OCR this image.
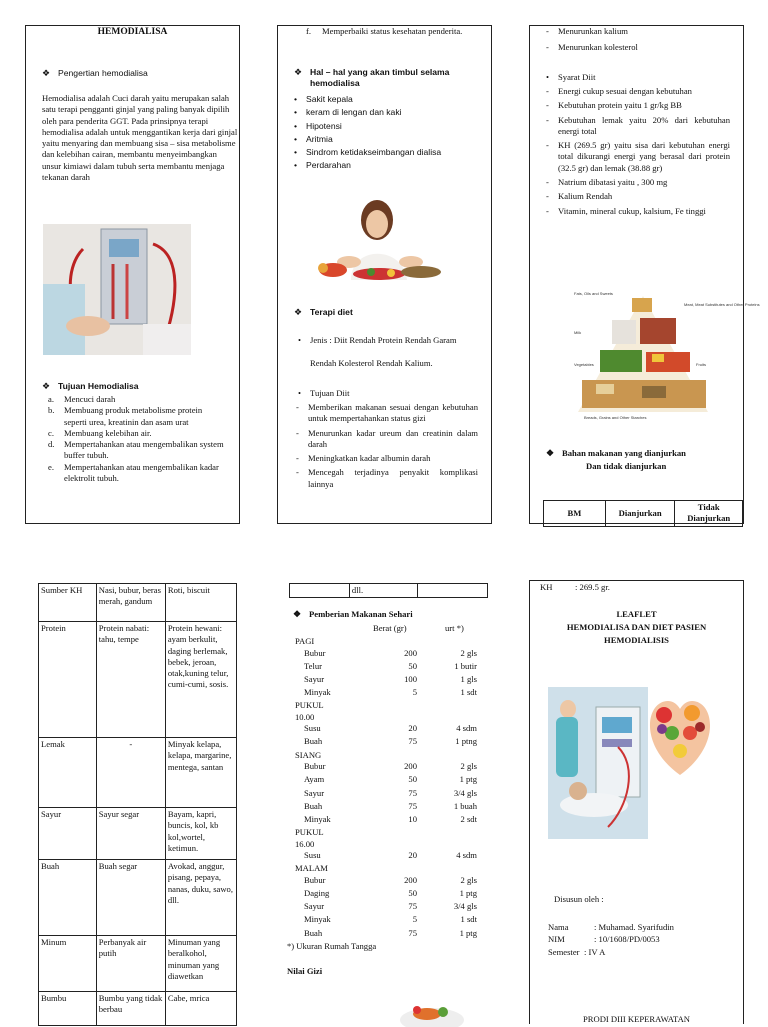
HEMODIALISA
❖ Pengertian hemodialisa
Hemodialisa adalah Cuci darah yaitu merupakan salah satu terapi pengganti ginjal yang paling banyak dipilih oleh para penderita GGT. Pada prinsipnya terapi hemodialisa adalah untuk menggantikan kerja dari ginjal yaitu menyaring dan membuang sisa – sisa metabolisme dan kelebihan cairan, membantu menyeimbangkan unsur kimiawi dalam tubuh serta membantu menjaga tekanan darah
❖ Tujuan Hemodialisa
a. Mencuci darah
b. Membuang produk metabolisme protein seperti urea, kreatinin dan asam urat
c. Membuang kelebihan air.
d. Mempertahankan atau mengembalikan system buffer tubuh.
e. Mempertahankan atau mengembalikan kadar elektrolit tubuh.
f. Memperbaiki status kesehatan penderita.
❖ Hal – hal yang akan timbul selama hemodialisa
• Sakit kepala
• keram di lengan dan kaki
• Hipotensi
• Aritmia
• Sindrom ketidakseimbangan dialisa
• Perdarahan
❖ Terapi diet
• Jenis : Diit Rendah Protein Rendah Garam
Rendah Kolesterol Rendah Kalium.
• Tujuan Diit
- Memberikan makanan sesuai dengan kebutuhan untuk mempertahankan status gizi
- Menurunkan kadar ureum dan creatinin dalam darah
- Meningkatkan kadar albumin darah
- Mencegah terjadinya penyakit komplikasi lainnya
- Menurunkan kalium
- Menurunkan kolesterol
• Syarat Diit
- Energi cukup sesuai dengan kebutuhan
- Kebutuhan protein yaitu 1 gr/kg BB
- Kebutuhan lemak yaitu 20% dari kebutuhan energi total
- KH (269.5 gr) yaitu sisa dari kebutuhan energi total dikurangi energi yang berasal dari protein (32.5 gr) dan lemak (38.88 gr)
- Natrium dibatasi yaitu , 300 mg
- Kalium Rendah
- Vitamin, mineral cukup, kalsium, Fe tinggi
Fats, Oils and Sweets
Meat, Meat Substitutes and Other Proteins
Milk
Vegetables	Fruits
Breads, Grains and Other Starches
❖ Bahan makanan yang dianjurkan
Dan tidak dianjurkan
BM	Dianjurkan	Tidak Dianjurkan
Sumber KH	Nasi, bubur, beras merah, gandum	Roti, biscuit
Protein	Protein nabati: tahu, tempe	Protein hewani: ayam berkulit, daging berlemak, bebek, jeroan, otak,kuning telur, cumi-cumi, sosis.
Lemak	-	Minyak kelapa, kelapa, margarine, mentega, santan
Sayur	Sayur segar	Bayam, kapri, buncis, kol, kb kol,wortel, ketimun.
Buah	Buah segar	Avokad, anggur, pisang, pepaya, nanas, duku, sawo, dll.
Minum	Perbanyak air putih	Minuman yang beralkohol, minuman yang diawetkan
Bumbu	Bumbu yang tidak berbau	Cabe, mrica
	dll.	
❖ Pemberian Makanan Sehari
Berat (gr)	urt *)
PAGI
Bubur	200	2 gls
Telur	50	1 butir
Sayur	100	1 gls
Minyak	5	1 sdt
PUKUL 10.00
Susu	20	4 sdm
Buah	75	1 ptng
SIANG
Bubur	200	2 gls
Ayam	50	1 ptg
Sayur	75	3/4 gls
Buah	75	1 buah
Minyak	10	2 sdt
PUKUL 16.00
Susu	20	4 sdm
MALAM
Bubur	200	2 gls
Daging	50	1 ptg
Sayur	75	3/4 gls
Minyak	5	1 sdt
Buah	75	1 ptg
*) Ukuran Rumah Tangga
Nilai Gizi
KH	: 269.5 gr.
LEAFLET
HEMODIALISA DAN DIET PASIEN
HEMODIALISIS
Disusun oleh :
Nama	: Muhamad. Syarifudin
NIM	: 10/1608/PD/0053
Semester : IV A
PRODI DIII KEPERAWATAN
